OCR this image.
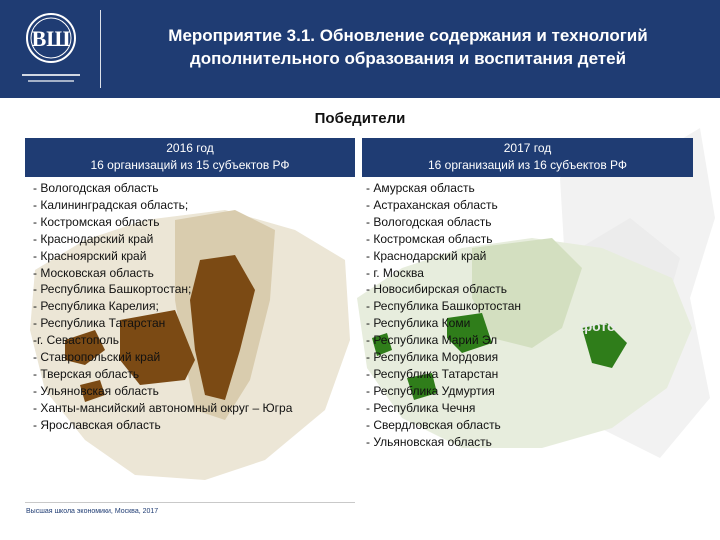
ВШ	Мероприятие 3.1. Обновление содержания и технологий дополнительного образования и воспитания детей
Победители
2016 год
16 организаций из 15 субъектов РФ
2017 год
16 организаций из 16 субъектов РФ
- Вологодская область
- Калининградская область;
- Костромская область
- Краснодарский край
- Красноярский край
- Московская область
- Республика Башкортостан;
- Республика Карелия;
- Республика Татарстан
-г. Севастополь
- Ставропольский край
- Тверская область
- Ульяновская область
- Ханты-мансийский автономный округ – Югра
- Ярославская область
- Амурская область
- Астраханская область
- Вологодская область
- Костромская область
- Краснодарский край
- г. Москва
- Новосибирская область
- Республика Башкортостан
- Республика Коми
- Республика Марий Эл
- Республика Мордовия
- Республика Татарстан
- Республика Удмуртия
- Республика Чечня
- Свердловская область
- Ульяновская область
фото
Высшая школа экономики, Москва, 2017
